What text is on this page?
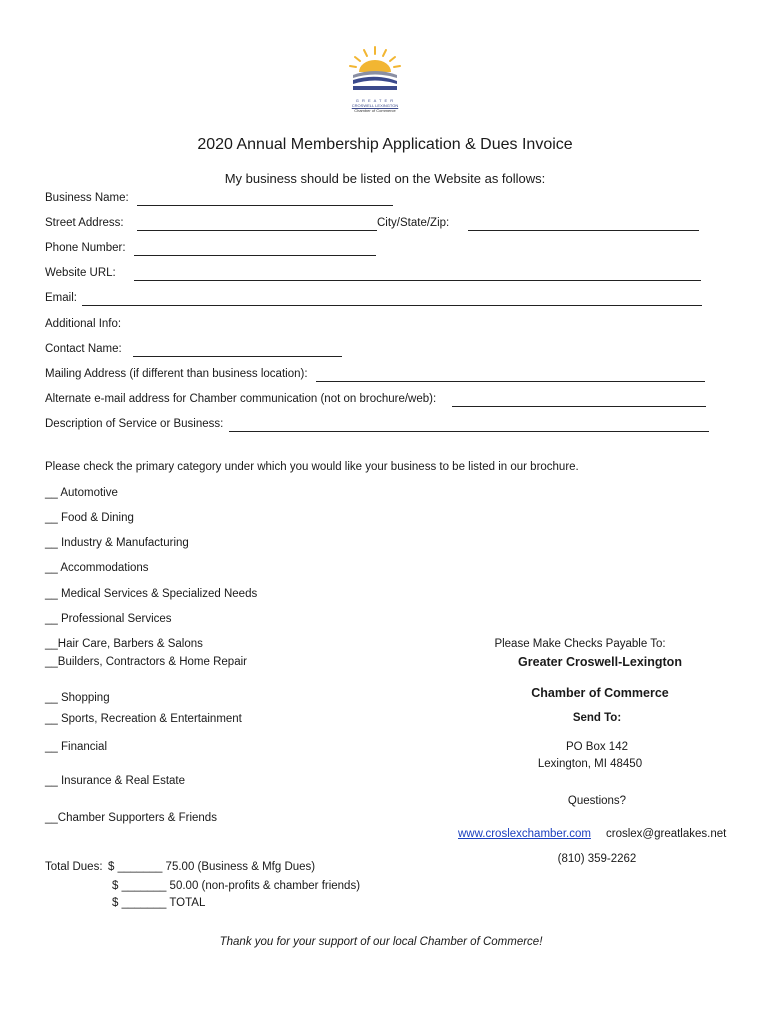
G R E A T E R
CROSWELL LEXINGTON
Chamber of Commerce
2020 Annual Membership Application & Dues Invoice
My business should be listed on the Website as follows:
Business Name:
Street Address:	City/State/Zip:
Phone Number:
Website URL:
Email:
Additional Info:
Contact Name:
Mailing Address (if different than business location):
Alternate e-mail address for Chamber communication (not on brochure/web):
Description of Service or Business:
Please check the primary category under which you would like your business to be listed in our brochure.
__ Automotive
__ Food & Dining
__ Industry & Manufacturing
__ Accommodations
__ Medical Services & Specialized Needs
__ Professional Services
__Hair Care, Barbers & Salons
__Builders, Contractors & Home Repair
__ Shopping
__ Sports, Recreation & Entertainment
__ Financial
__ Insurance & Real Estate
__Chamber Supporters & Friends
Please Make Checks Payable To:
Greater Croswell-Lexington
Chamber of Commerce
Send To:
PO Box 142
Lexington, MI 48450
Questions?
www.croslexchamber.com croslex@greatlakes.net
(810) 359-2262
Total Dues: $ _______ 75.00 (Business & Mfg Dues)
$ _______ 50.00 (non-profits & chamber friends)
$ _______ TOTAL
Thank you for your support of our local Chamber of Commerce!
